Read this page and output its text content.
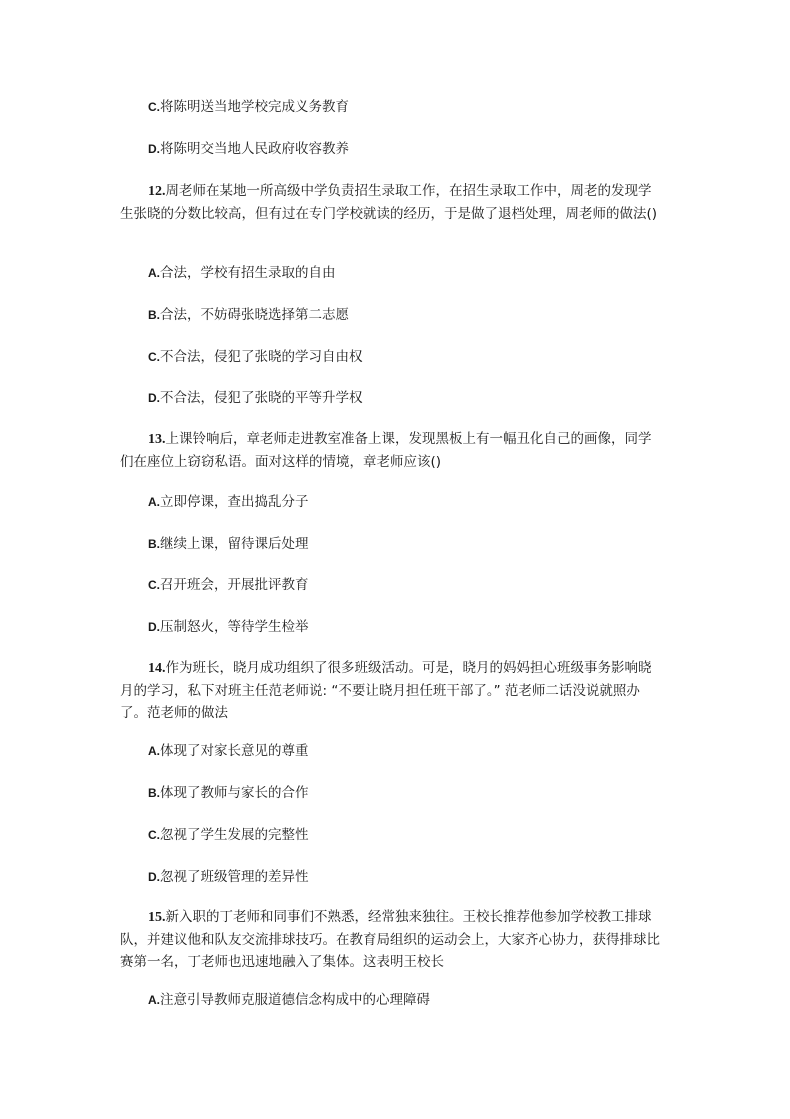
C.将陈明送当地学校完成义务教育
D.将陈明交当地人民政府收容教养
12.周老师在某地一所高级中学负责招生录取工作，在招生录取工作中，周老的发现学生张晓的分数比较高，但有过在专门学校就读的经历，于是做了退档处理，周老师的做法()
A.合法，学校有招生录取的自由
B.合法，不妨碍张晓选择第二志愿
C.不合法，侵犯了张晓的学习自由权
D.不合法，侵犯了张晓的平等升学权
13.上课铃响后，章老师走进教室准备上课，发现黑板上有一幅丑化自己的画像，同学们在座位上窃窃私语。面对这样的情境，章老师应该()
A.立即停课，查出捣乱分子
B.继续上课，留待课后处理
C.召开班会，开展批评教育
D.压制怒火，等待学生检举
14.作为班长，晓月成功组织了很多班级活动。可是，晓月的妈妈担心班级事务影响晓月的学习，私下对班主任范老师说: “不要让晓月担任班干部了。” 范老师二话没说就照办了。范老师的做法
A.体现了对家长意见的尊重
B.体现了教师与家长的合作
C.忽视了学生发展的完整性
D.忽视了班级管理的差异性
15.新入职的丁老师和同事们不熟悉，经常独来独往。王校长推荐他参加学校教工排球队，并建议他和队友交流排球技巧。在教育局组织的运动会上，大家齐心协力，获得排球比赛第一名，丁老师也迅速地融入了集体。这表明王校长
A.注意引导教师克服道德信念构成中的心理障碍
